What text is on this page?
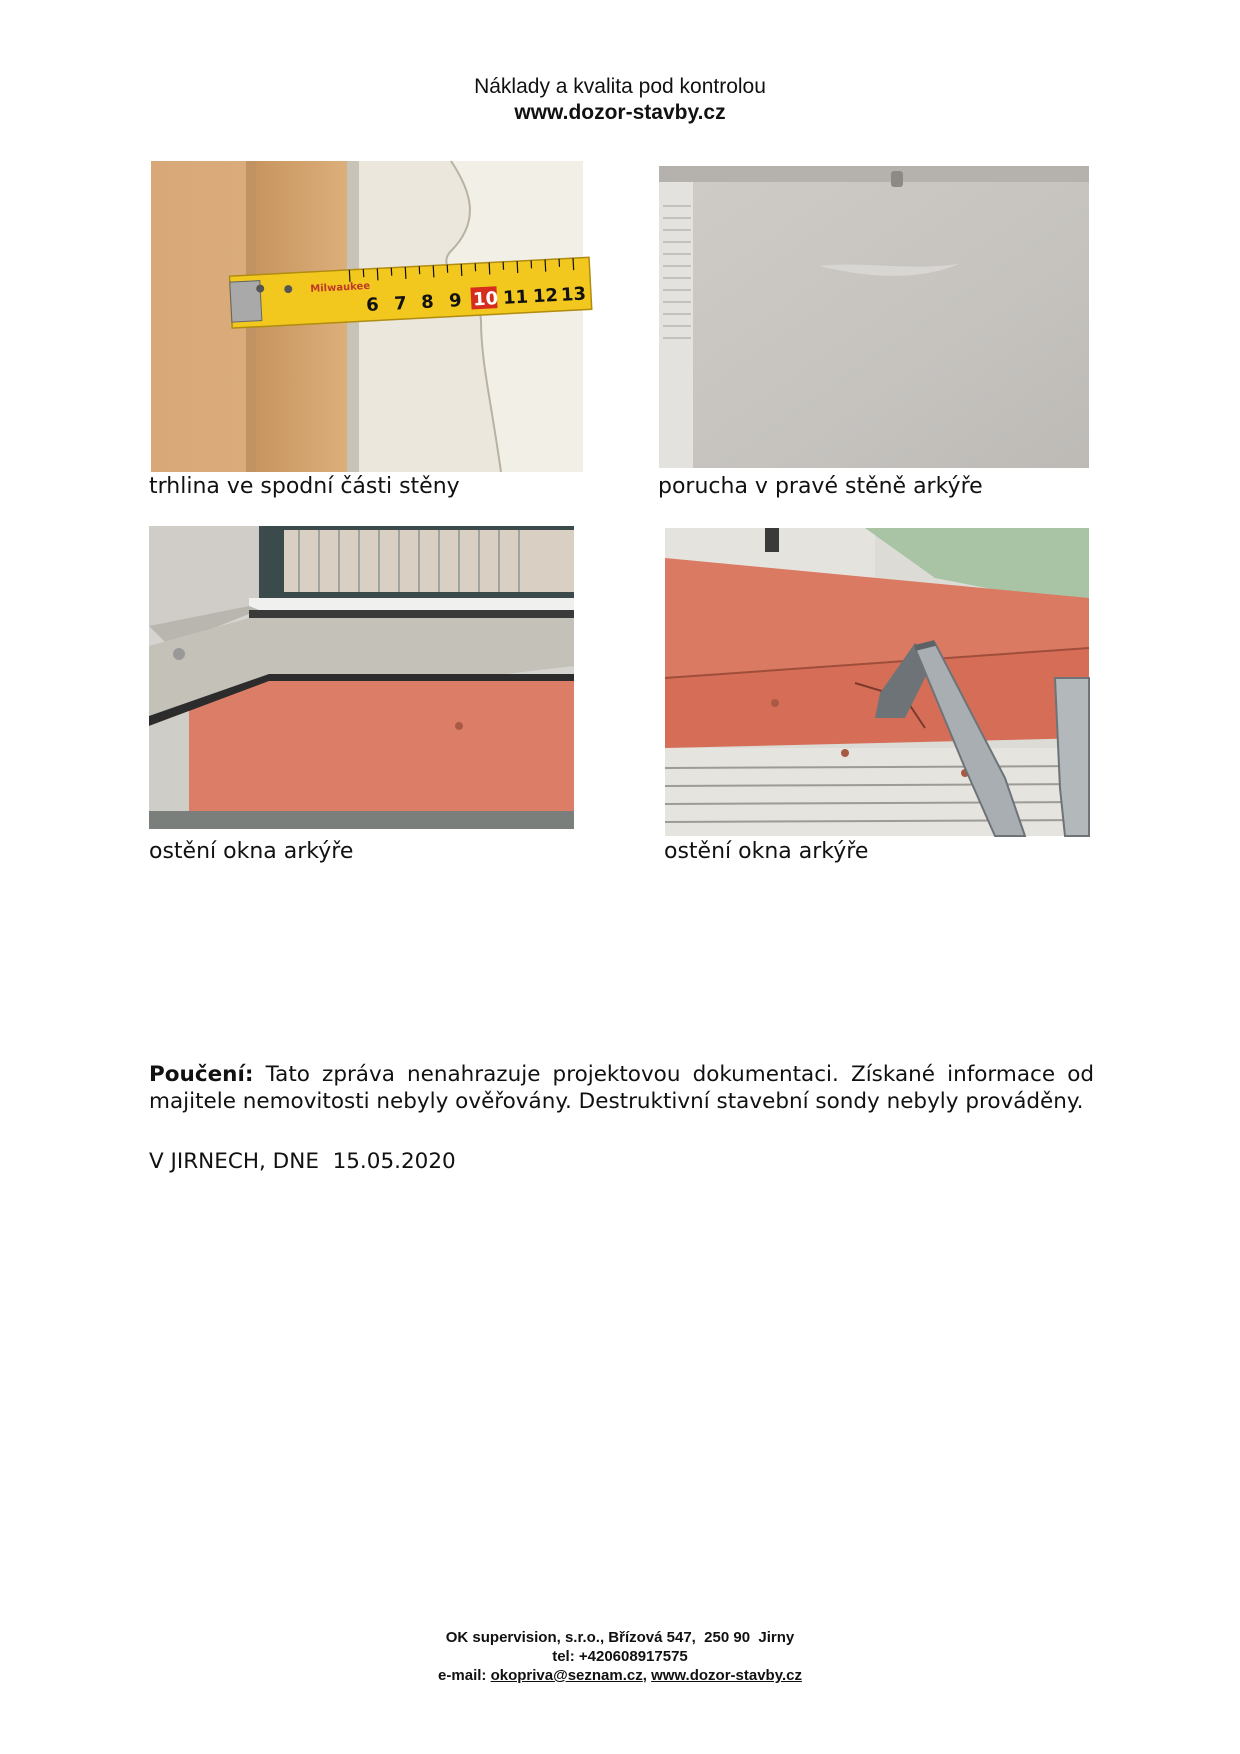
Náklady a kvalita pod kontrolou
www.dozor-stavby.cz
Milwaukee
6 7 8 9 10 11 12 13
trhlina ve spodní části stěny	porucha v pravé stěně arkýře
ostění okna arkýře	ostění okna arkýře
Poučení: Tato zpráva nenahrazuje projektovou dokumentaci. Získané informace od majitele nemovitosti nebyly ověřovány. Destruktivní stavební sondy nebyly prováděny.
V JIRNECH, DNE 15.05.2020
OK supervision, s.r.o., Břízová 547,  250 90  Jirny
tel: +420608917575
e-mail: okopriva@seznam.cz, www.dozor-stavby.cz
